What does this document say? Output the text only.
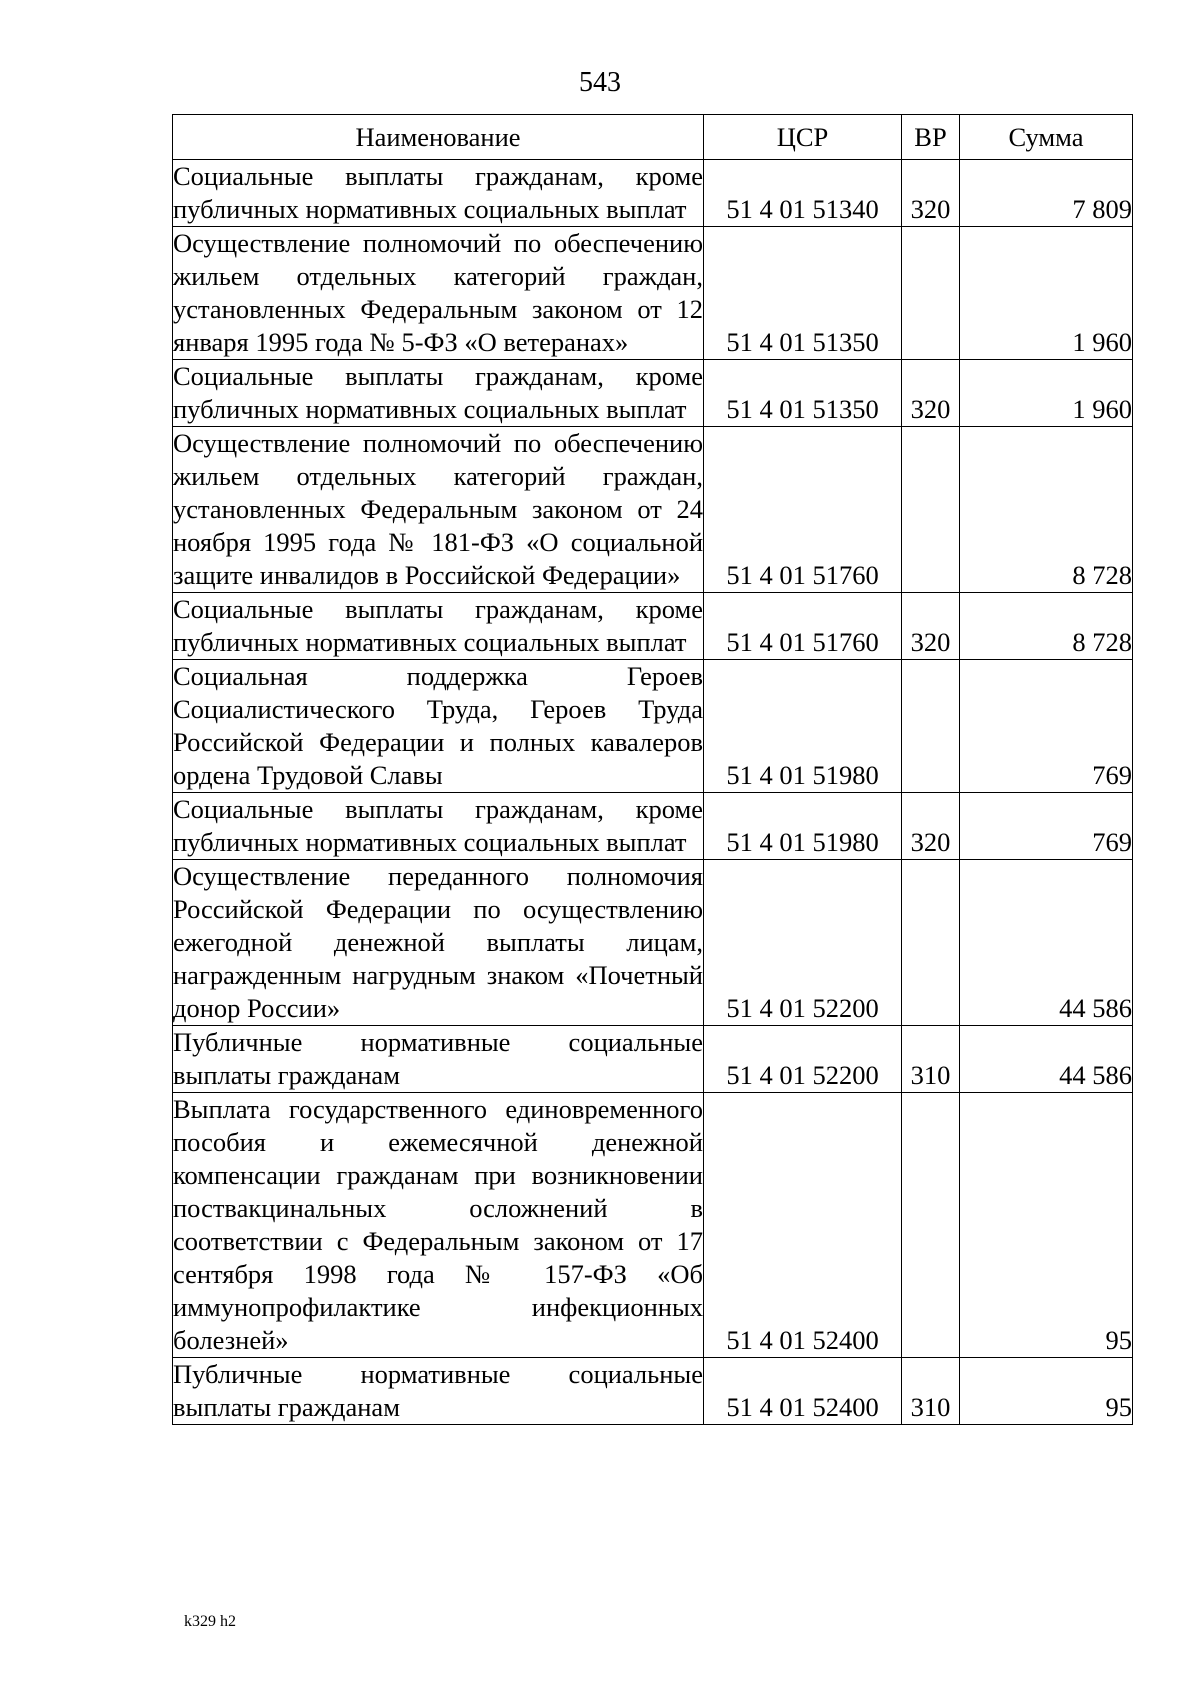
543
Наименование	ЦСР	ВР	Сумма
Социальные выплаты гражданам, кроме публичных нормативных социальных выплат	51 4 01 51340	320	7 809
Осуществление полномочий по обеспечению жильем отдельных категорий граждан, установленных Федеральным законом от 12 января 1995 года № 5-ФЗ «О ветеранах»	51 4 01 51350		1 960
Социальные выплаты гражданам, кроме публичных нормативных социальных выплат	51 4 01 51350	320	1 960
Осуществление полномочий по обеспечению жильем отдельных категорий граждан, установленных Федеральным законом от 24 ноября 1995 года № 181-ФЗ «О социальной защите инвалидов в Российской Федерации»	51 4 01 51760		8 728
Социальные выплаты гражданам, кроме публичных нормативных социальных выплат	51 4 01 51760	320	8 728
Социальная поддержка Героев Социалистического Труда, Героев Труда Российской Федерации и полных кавалеров ордена Трудовой Славы	51 4 01 51980		769
Социальные выплаты гражданам, кроме публичных нормативных социальных выплат	51 4 01 51980	320	769
Осуществление переданного полномочия Российской Федерации по осуществлению ежегодной денежной выплаты лицам, награжденным нагрудным знаком «Почетный донор России»	51 4 01 52200		44 586
Публичные нормативные социальные выплаты гражданам	51 4 01 52200	310	44 586
Выплата государственного единовременного пособия и ежемесячной денежной компенсации гражданам при возникновении поствакцинальных осложнений в соответствии с Федеральным законом от 17 сентября 1998 года № 157-ФЗ «Об иммунопрофилактике инфекционных болезней»	51 4 01 52400		95
Публичные нормативные социальные выплаты гражданам	51 4 01 52400	310	95
k329 h2
